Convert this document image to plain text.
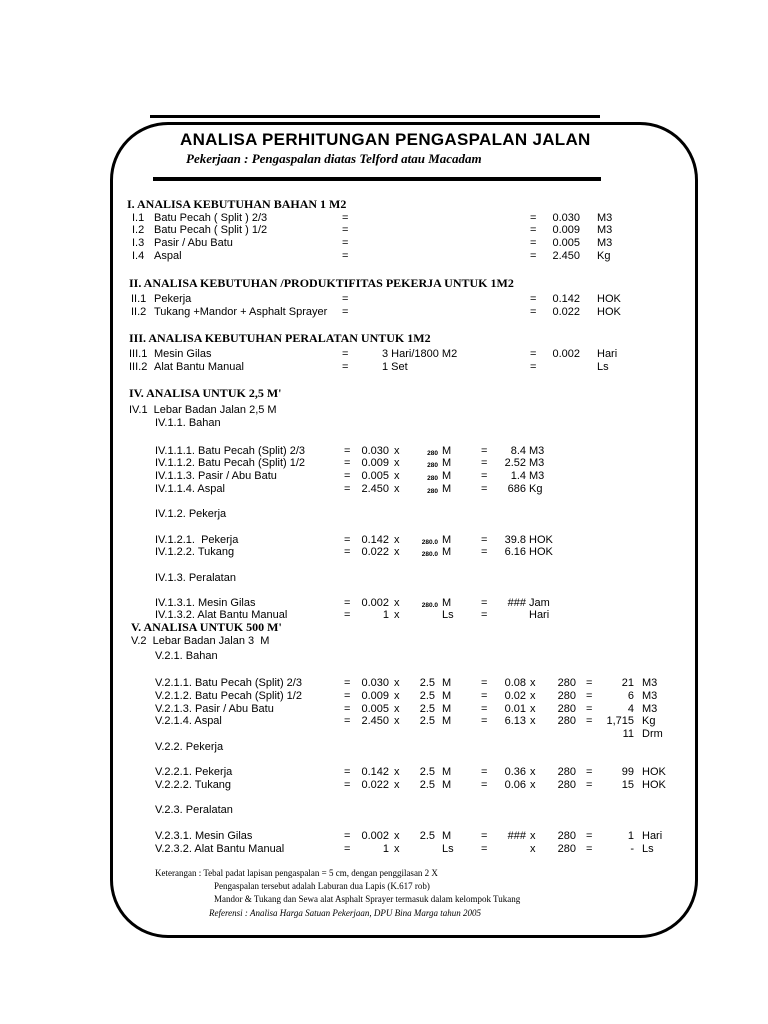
ANALISA PERHITUNGAN PENGASPALAN JALAN
Pekerjaan : Pengaspalan diatas Telford atau Macadam
I. ANALISA KEBUTUHAN BAHAN 1 M2
I.1 Batu Pecah ( Split ) 2/3	=	=	0.030 M3
I.2 Batu Pecah ( Split ) 1/2	=	=	0.009 M3
I.3 Pasir / Abu Batu	=	=	0.005 M3
I.4 Aspal	=	=	2.450 Kg
II. ANALISA KEBUTUHAN /PRODUKTIFITAS PEKERJA UNTUK 1M2
II.1 Pekerja	=	=	0.142 HOK
II.2 Tukang +Mandor + Asphalt Sprayer =	=	0.022 HOK
III. ANALISA KEBUTUHAN PERALATAN UNTUK 1M2
III.1 Mesin Gilas	=	3 Hari/1800 M2	=	0.002 Hari
III.2 Alat Bantu Manual	=	1 Set	=	Ls
IV. ANALISA UNTUK 2,5 M'
IV.1  Lebar Badan Jalan 2,5 M
IV.1.1. Bahan
IV.1.1.1. Batu Pecah (Split) 2/3	=	0.030 x	280 M	=	8.4 M3
IV.1.1.2. Batu Pecah (Split) 1/2	=	0.009 x	280 M	=	2.52 M3
IV.1.1.3. Pasir / Abu Batu	=	0.005 x	280 M	=	1.4 M3
IV.1.1.4. Aspal	=	2.450 x	280 M	=	686 Kg
IV.1.2. Pekerja
IV.1.2.1.  Pekerja	=	0.142 x	280.0 M	=	39.8 HOK
IV.1.2.2. Tukang	=	0.022 x	280.0 M	=	6.16 HOK
IV.1.3. Peralatan
IV.1.3.1. Mesin Gilas	=	0.002 x	280.0 M	=	### Jam
IV.1.3.2. Alat Bantu Manual	=	1 x	Ls =	Hari
V. ANALISA UNTUK 500 M'
V.2  Lebar Badan Jalan 3  M
V.2.1. Bahan
V.2.1.1. Batu Pecah (Split) 2/3	=	0.030 x	2.5 M	=	0.08 x	280 =	21 M3
V.2.1.2. Batu Pecah (Split) 1/2	=	0.009 x	2.5 M	=	0.02 x	280 =	6 M3
V.2.1.3. Pasir / Abu Batu	=	0.005 x	2.5 M	=	0.01 x	280 =	4 M3
V.2.1.4. Aspal	=	2.450 x	2.5 M	=	6.13 x	280 =	1,715 Kg
11 Drm
V.2.2. Pekerja
V.2.2.1. Pekerja	=	0.142 x	2.5 M	=	0.36 x	280 =	99 HOK
V.2.2.2. Tukang	=	0.022 x	2.5 M	=	0.06 x	280 =	15 HOK
V.2.3. Peralatan
V.2.3.1. Mesin Gilas	=	0.002 x	2.5 M	=	### x	280 =	1 Hari
V.2.3.2. Alat Bantu Manual	=	1 x	Ls =	x	280 =	- Ls
Keterangan : Tebal padat lapisan pengaspalan = 5 cm, dengan penggilasan 2 X
Pengaspalan tersebut adalah Laburan dua Lapis (K.617 rob)
Mandor & Tukang dan Sewa alat Asphalt Sprayer termasuk dalam kelompok Tukang
Referensi : Analisa Harga Satuan Pekerjaan, DPU Bina Marga tahun 2005
